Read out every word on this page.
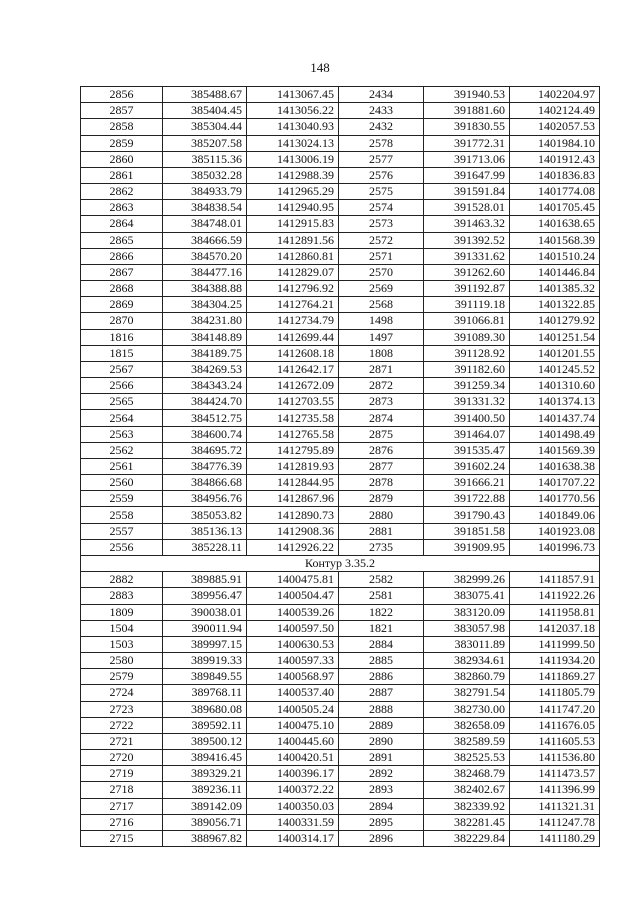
148
2856	385488.67	1413067.45	2434	391940.53	1402204.97
2857	385404.45	1413056.22	2433	391881.60	1402124.49
2858	385304.44	1413040.93	2432	391830.55	1402057.53
2859	385207.58	1413024.13	2578	391772.31	1401984.10
2860	385115.36	1413006.19	2577	391713.06	1401912.43
2861	385032.28	1412988.39	2576	391647.99	1401836.83
2862	384933.79	1412965.29	2575	391591.84	1401774.08
2863	384838.54	1412940.95	2574	391528.01	1401705.45
2864	384748.01	1412915.83	2573	391463.32	1401638.65
2865	384666.59	1412891.56	2572	391392.52	1401568.39
2866	384570.20	1412860.81	2571	391331.62	1401510.24
2867	384477.16	1412829.07	2570	391262.60	1401446.84
2868	384388.88	1412796.92	2569	391192.87	1401385.32
2869	384304.25	1412764.21	2568	391119.18	1401322.85
2870	384231.80	1412734.79	1498	391066.81	1401279.92
1816	384148.89	1412699.44	1497	391089.30	1401251.54
1815	384189.75	1412608.18	1808	391128.92	1401201.55
2567	384269.53	1412642.17	2871	391182.60	1401245.52
2566	384343.24	1412672.09	2872	391259.34	1401310.60
2565	384424.70	1412703.55	2873	391331.32	1401374.13
2564	384512.75	1412735.58	2874	391400.50	1401437.74
2563	384600.74	1412765.58	2875	391464.07	1401498.49
2562	384695.72	1412795.89	2876	391535.47	1401569.39
2561	384776.39	1412819.93	2877	391602.24	1401638.38
2560	384866.68	1412844.95	2878	391666.21	1401707.22
2559	384956.76	1412867.96	2879	391722.88	1401770.56
2558	385053.82	1412890.73	2880	391790.43	1401849.06
2557	385136.13	1412908.36	2881	391851.58	1401923.08
2556	385228.11	1412926.22	2735	391909.95	1401996.73
Контур 3.35.2					
2882	389885.91	1400475.81	2582	382999.26	1411857.91
2883	389956.47	1400504.47	2581	383075.41	1411922.26
1809	390038.01	1400539.26	1822	383120.09	1411958.81
1504	390011.94	1400597.50	1821	383057.98	1412037.18
1503	389997.15	1400630.53	2884	383011.89	1411999.50
2580	389919.33	1400597.33	2885	382934.61	1411934.20
2579	389849.55	1400568.97	2886	382860.79	1411869.27
2724	389768.11	1400537.40	2887	382791.54	1411805.79
2723	389680.08	1400505.24	2888	382730.00	1411747.20
2722	389592.11	1400475.10	2889	382658.09	1411676.05
2721	389500.12	1400445.60	2890	382589.59	1411605.53
2720	389416.45	1400420.51	2891	382525.53	1411536.80
2719	389329.21	1400396.17	2892	382468.79	1411473.57
2718	389236.11	1400372.22	2893	382402.67	1411396.99
2717	389142.09	1400350.03	2894	382339.92	1411321.31
2716	389056.71	1400331.59	2895	382281.45	1411247.78
2715	388967.82	1400314.17	2896	382229.84	1411180.29
